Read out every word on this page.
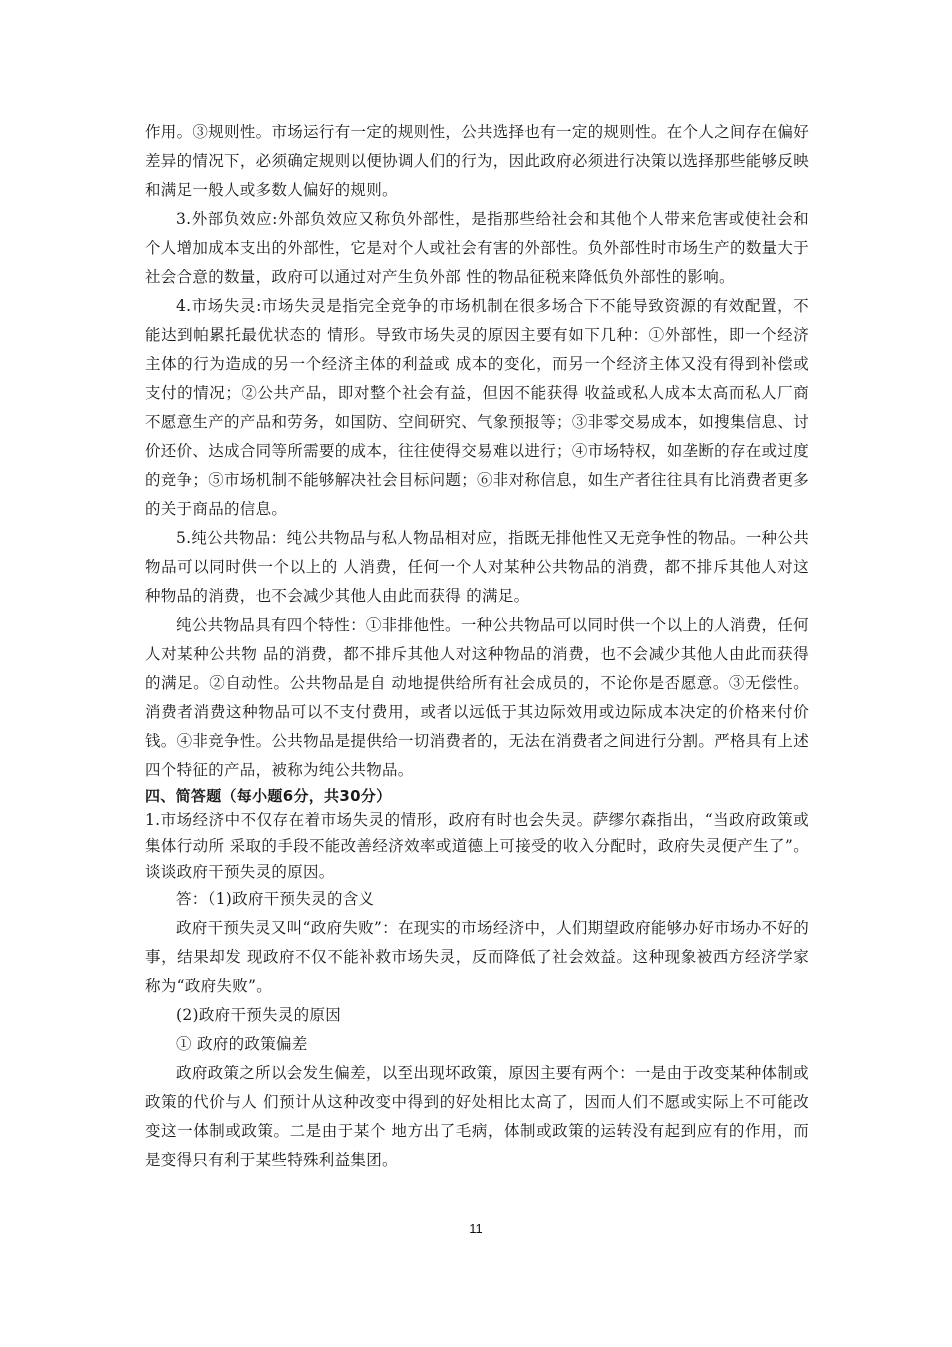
作用。③规则性。市场运行有一定的规则性，公共选择也有一定的规则性。在个人之间存在偏好差异的情况下，必须确定规则以便协调人们的行为，因此政府必须进行决策以选择那些能够反映和满足一般人或多数人偏好的规则。

3.外部负效应:外部负效应又称负外部性，是指那些给社会和其他个人带来危害或使社会和个人增加成本支出的外部性，它是对个人或社会有害的外部性。负外部性时市场生产的数量大于社会合意的数量，政府可以通过对产生负外部 性的物品征税来降低负外部性的影响。

4.市场失灵:市场失灵是指完全竞争的市场机制在很多场合下不能导致资源的有效配置，不能达到帕累托最优状态的 情形。导致市场失灵的原因主要有如下几种：①外部性，即一个经济主体的行为造成的另一个经济主体的利益或 成本的变化，而另一个经济主体又没有得到补偿或支付的情况；②公共产品，即对整个社会有益，但因不能获得 收益或私人成本太高而私人厂商不愿意生产的产品和劳务，如国防、空间研究、气象预报等；③非零交易成本，如搜集信息、讨价还价、达成合同等所需要的成本，往往使得交易难以进行；④市场特权，如垄断的存在或过度 的竞争；⑤市场机制不能够解决社会目标问题；⑥非对称信息，如生产者往往具有比消费者更多的关于商品的信息。

5.纯公共物品：纯公共物品与私人物品相对应，指既无排他性又无竞争性的物品。一种公共物品可以同时供一个以上的 人消费，任何一个人对某种公共物品的消费，都不排斥其他人对这种物品的消费，也不会减少其他人由此而获得 的满足。

纯公共物品具有四个特性：①非排他性。一种公共物品可以同时供一个以上的人消费，任何人对某种公共物 品的消费，都不排斥其他人对这种物品的消费，也不会减少其他人由此而获得的满足。②自动性。公共物品是自 动地提供给所有社会成员的，不论你是否愿意。③无偿性。消费者消费这种物品可以不支付费用，或者以远低于其边际效用或边际成本决定的价格来付价钱。④非竞争性。公共物品是提供给一切消费者的，无法在消费者之间进行分割。严格具有上述四个特征的产品，被称为纯公共物品。

四、简答题（每小题6分，共30分）

1.市场经济中不仅存在着市场失灵的情形，政府有时也会失灵。萨缪尔森指出，“当政府政策或集体行动所 采取的手段不能改善经济效率或道德上可接受的收入分配时，政府失灵便产生了”。谈谈政府干预失灵的原因。

答：（1)政府干预失灵的含义

政府干预失灵又叫“政府失败”：在现实的市场经济中，人们期望政府能够办好市场办不好的事，结果却发 现政府不仅不能补救市场失灵，反而降低了社会效益。这种现象被西方经济学家称为“政府失败”。

(2)政府干预失灵的原因

① 政府的政策偏差

政府政策之所以会发生偏差，以至出现坏政策，原因主要有两个：一是由于改变某种体制或政策的代价与人 们预计从这种改变中得到的好处相比太高了，因而人们不愿或实际上不可能改变这一体制或政策。二是由于某个 地方出了毛病，体制或政策的运转没有起到应有的作用，而是变得只有利于某些特殊利益集团。

11
